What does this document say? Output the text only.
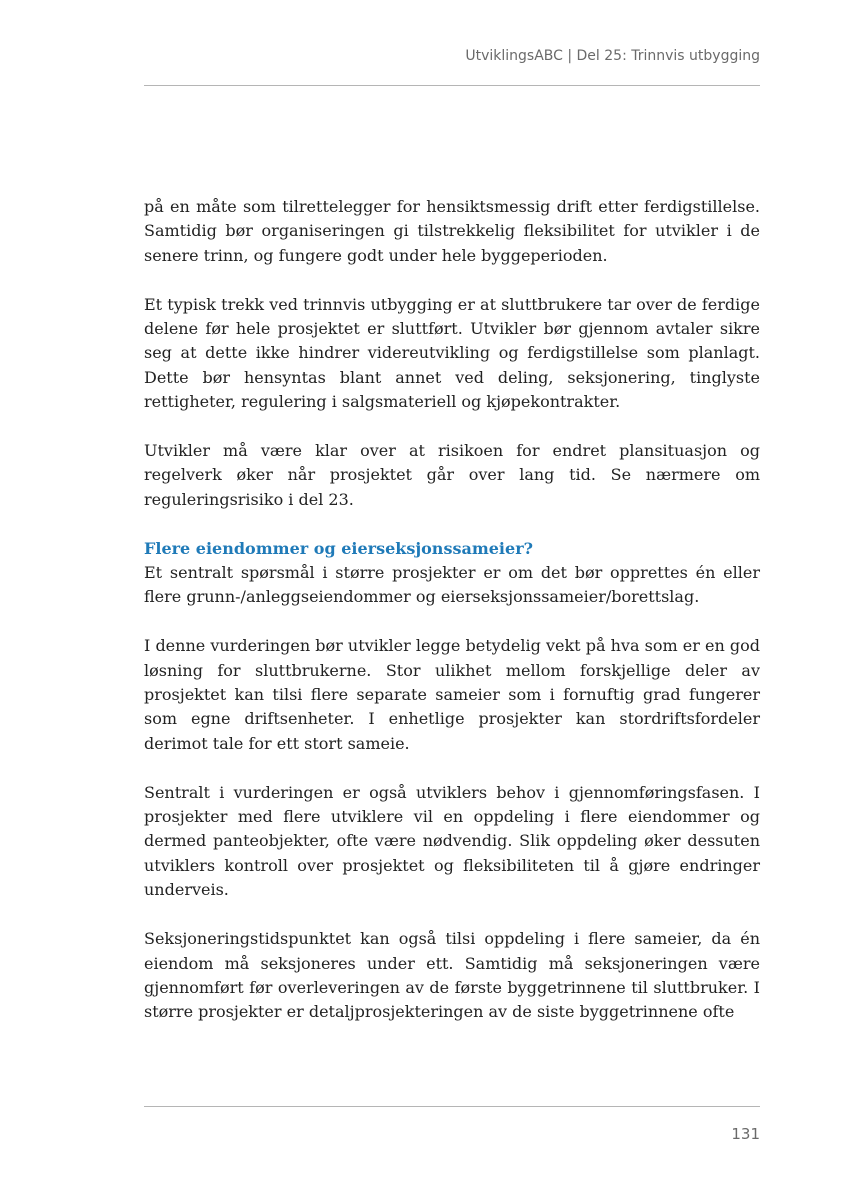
UtviklingsABC | Del 25: Trinnvis utbygging

på en måte som tilrettelegger for hensiktsmessig drift etter ferdigstillelse. Samtidig bør organiseringen gi tilstrekkelig fleksibilitet for utvikler i de senere trinn, og fungere godt under hele byggeperioden.

Et typisk trekk ved trinnvis utbygging er at sluttbrukere tar over de ferdige delene før hele prosjektet er sluttført. Utvikler bør gjennom avtaler sikre seg at dette ikke hindrer videreutvikling og ferdigstillelse som planlagt. Dette bør hensyntas blant annet ved deling, seksjonering, tinglyste rettigheter, regulering i salgsmateriell og kjøpekontrakter.

Utvikler må være klar over at risikoen for endret plansituasjon og regelverk øker når prosjektet går over lang tid. Se nærmere om reguleringsrisiko i del 23.

Flere eiendommer og eierseksjonssameier?

Et sentralt spørsmål i større prosjekter er om det bør opprettes én eller flere grunn-/anleggseiendommer og eierseksjonssameier/borettslag.

I denne vurderingen bør utvikler legge betydelig vekt på hva som er en god løsning for sluttbrukerne. Stor ulikhet mellom forskjellige deler av prosjektet kan tilsi flere separate sameier som i fornuftig grad fungerer som egne driftsenheter. I enhetlige prosjekter kan stordriftsfordeler derimot tale for ett stort sameie.

Sentralt i vurderingen er også utviklers behov i gjennomføringsfasen. I prosjekter med flere utviklere vil en oppdeling i flere eiendommer og dermed panteobjekter, ofte være nødvendig. Slik oppdeling øker dessuten utviklers kontroll over prosjektet og fleksibiliteten til å gjøre endringer underveis.

Seksjoneringstidspunktet kan også tilsi oppdeling i flere sameier, da én eiendom må seksjoneres under ett. Samtidig må seksjoneringen være gjennomført før overleveringen av de første byggetrinnene til sluttbruker. I større prosjekter er detaljprosjekteringen av de siste byggetrinnene ofte

131
